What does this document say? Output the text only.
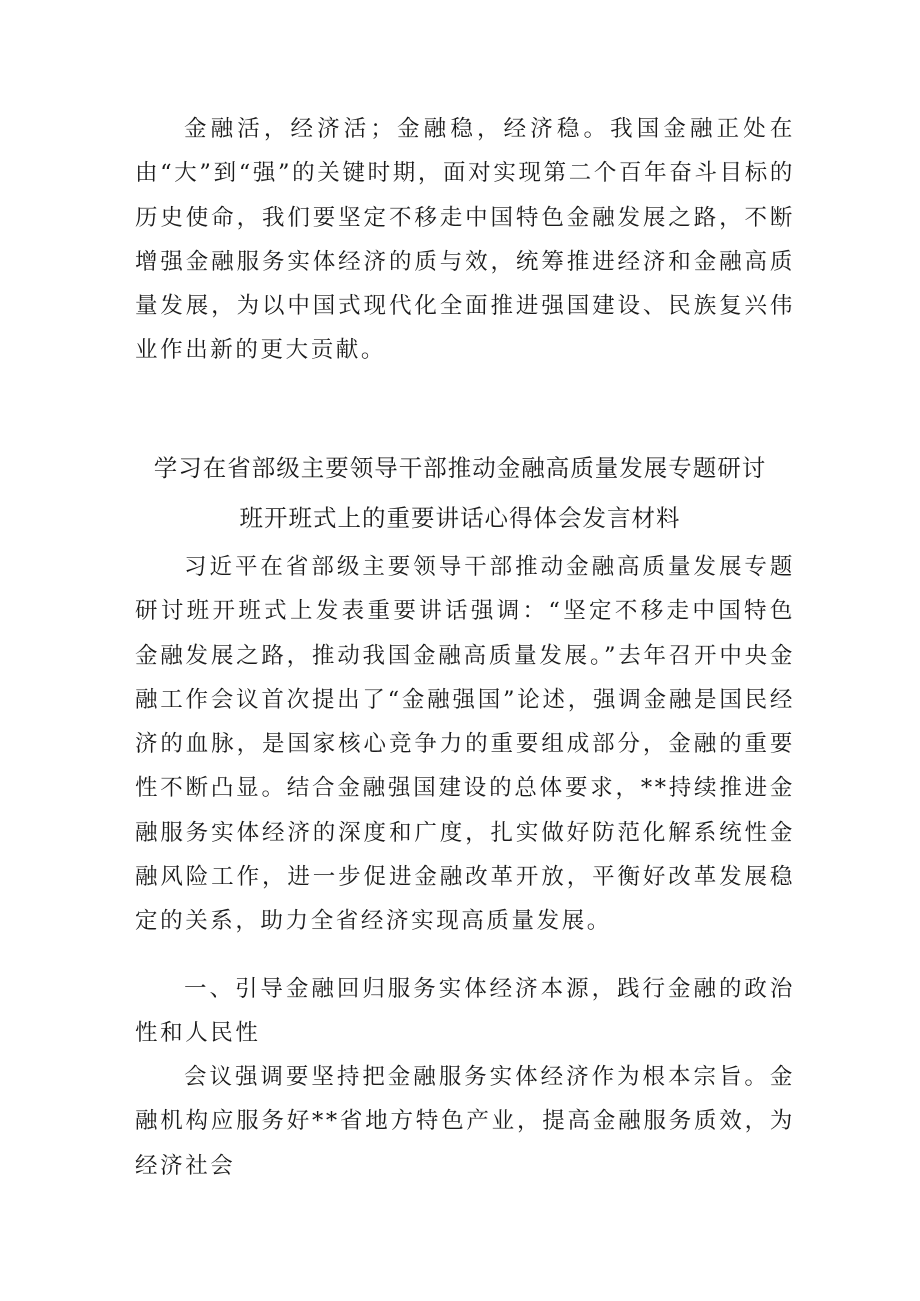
金融活，经济活；金融稳，经济稳。我国金融正处在由“大”到“强”的关键时期，面对实现第二个百年奋斗目标的历史使命，我们要坚定不移走中国特色金融发展之路，不断增强金融服务实体经济的质与效，统筹推进经济和金融高质量发展，为以中国式现代化全面推进强国建设、民族复兴伟业作出新的更大贡献。

学习在省部级主要领导干部推动金融高质量发展专题研讨
班开班式上的重要讲话心得体会发言材料

习近平在省部级主要领导干部推动金融高质量发展专题研讨班开班式上发表重要讲话强调：“坚定不移走中国特色金融发展之路，推动我国金融高质量发展。”去年召开中央金融工作会议首次提出了“金融强国”论述，强调金融是国民经济的血脉，是国家核心竞争力的重要组成部分，金融的重要性不断凸显。结合金融强国建设的总体要求，**持续推进金融服务实体经济的深度和广度，扎实做好防范化解系统性金融风险工作，进一步促进金融改革开放，平衡好改革发展稳定的关系，助力全省经济实现高质量发展。

一、引导金融回归服务实体经济本源，践行金融的政治性和人民性

会议强调要坚持把金融服务实体经济作为根本宗旨。金融机构应服务好**省地方特色产业，提高金融服务质效，为经济社会
